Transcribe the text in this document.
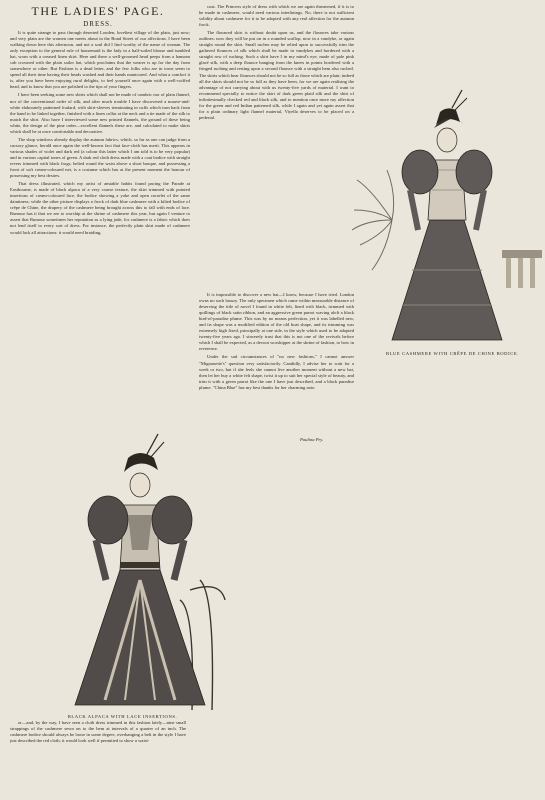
THE LADIES' PAGE.
DRESS.

It is quite strange to pass through deserted Louden, loveliest village of the plain, just now; and very plain are the women one meets about in the Bond Street of our affections. I have been walking down here this afternoon, and not a soul did I find worthy of the name of woman. The only exception to the general rule of housemaid is the lady in a half-soiled blouse and tumbled hat, worn with a creased linen skirt. Here and there a well-groomed head peeps from a hansom cab crowned with the plain sailor hat, which proclaims that the wearer is up for the day from somewhere or other. But Fashion is a dead letter, and the few folks who are in town seem to spend all their time having their heads washed and their hands manicured. And what a comfort it is, after you have been enjoying rural delights, to feel yourself once again with a well-coiffed head, and to know that you are polished to the tips of your fingers.

I have been seeking some new shirts which shall not be made of cambric nor of plain flannel, nor of the conventional order of silk, and after much trouble I have discovered a mauve-and-white elaborately patterned foulard, with shirt-sleeves terminating in cuffs which turn back from the hand to be linked together, finished with a linen collar at the neck and a tie made of the silk to match the shirt. Also have I interviewed some new printed flannels, the ground of these being white, the design of the pine order—excellent flannels these are, and calculated to make shirts which shall be at once comfortable and decorative.

The shop windows already display the autumn fabrics, which, so far as one can judge from a cursory glance, herald once again the well-known fact that face-cloth has merit. This appears in various shades of violet and dark red (a colour this latter which I am told is to be very popular) and in various capital tones of green. A dark red cloth dress made with a coat bodice with straight revers trimmed with black frogs, belted round the waist above a short basque, and possessing a front of soft cream-coloured net, is a costume which has at the present moment the honour of possessing my best desires.

That dress illustrated, which my artist of amiable habits found pacing the Parade at Eastbourne, is made of black alpaca of a very coarse texture, the skirt trimmed with pointed insertions of cream-coloured lace, the bodice showing a yoke and open corselet of the same daintiness; while the other picture displays a frock of dark blue cashmere with a kilted bodice of crêpe de Chine, the drapery of the cashmere being brought across this to fall with ends of lace. Rumour has it that we are to worship at the shrine of cashmere this year, but again I venture to assert that Rumour sometimes her reputation as a lying jade, for cashmere is a fabric which does not lend itself to every sort of dress. For instance, the perfectly plain skirt made of cashmere would lack all attractions: it would need braiding,

coat. The Princess style of dress with which we are again threatened, if it is to be made in cashmere, would need various interlinings. No, there is not sufficient solidity about cashmere for it to be adopted with any real affection for the autumn frock.

The flounced skirt is without doubt upon us, and the flounces take various outlines: now they will be put on in a rounded scallop, now in a vandyke, or again straight round the skirt. Small ruches may be relied upon to successfully trim the gathered flounces of silk which shall be made in vandykes and bordered with a straight row of ruching. Such a skirt have I in my mind's eye, made of pale pink glacé silk, with a deep flounce hanging from the knees in points bordered with a fringed ruching and resting upon a second flounce with a straight hem also ruched. The skirts which bear flounces should not be so full as those which are plain; indeed all the skirts should not be so full as they have been, for we are again realising the advantage of not carrying about with us twenty-five yards of material. I want to recommend specially to notice the skirt of dark green plaid silk and the shirt of infinitesimally checked red and black silk, and to mention once more my affection for the green and red Indian patterned silk, while I again and yet again assert that for a plain ordinary light flannel material, Viyella deserves to be placed on a pedestal.

It is impossible to discover a new hat—I know, because I have tried. London owns no such luxury. The only specimen which came within measurable distance of deserving the title of novel I found in white felt, lined with black, trimmed with quillings of black satin ribbon, and an aggressive green parrot waving aloft a black bird-of-paradise plume. This was by no means perfection, yet it was labelled new, and its shape was a modified edition of the old boat shape, and its trimming was extremely high fixed, principally at one side, in the style which used to be adopted twenty-five years ago. I sincerely trust that this is not one of the revivals before which I shall be expected, as a devout worshipper at the shrine of fashion, to bow in reverence.

Under the sad circumstances of "no new fashions," I cannot answer "Mignonette's" question very satisfactorily. Candidly, I advise her to wait for a week or two, but if she feels she cannot live another moment without a new hat, then let her buy a white felt shape, twist it up to suit her special style of beauty, and trim it with a green parrot like the one I have just described, and a black paradise plume. "China Blue" has my best thanks for her charming note.

Paulina Pry.

or—and, by the way, I have seen a cloth dress trimmed in this fashion lately—nine small strappings of the cashmere sewn on to the hem at intervals of a quarter of an inch. The cashmere bodice should always be loose in some degree, overhanging a belt in the style I have just described the red cloth; it would look well if permitted to show a waist-

BLUE CASHMERE WITH CRÊPE DE CHINE BODICE.
BLACK ALPACA WITH LACE INSERTIONS.
